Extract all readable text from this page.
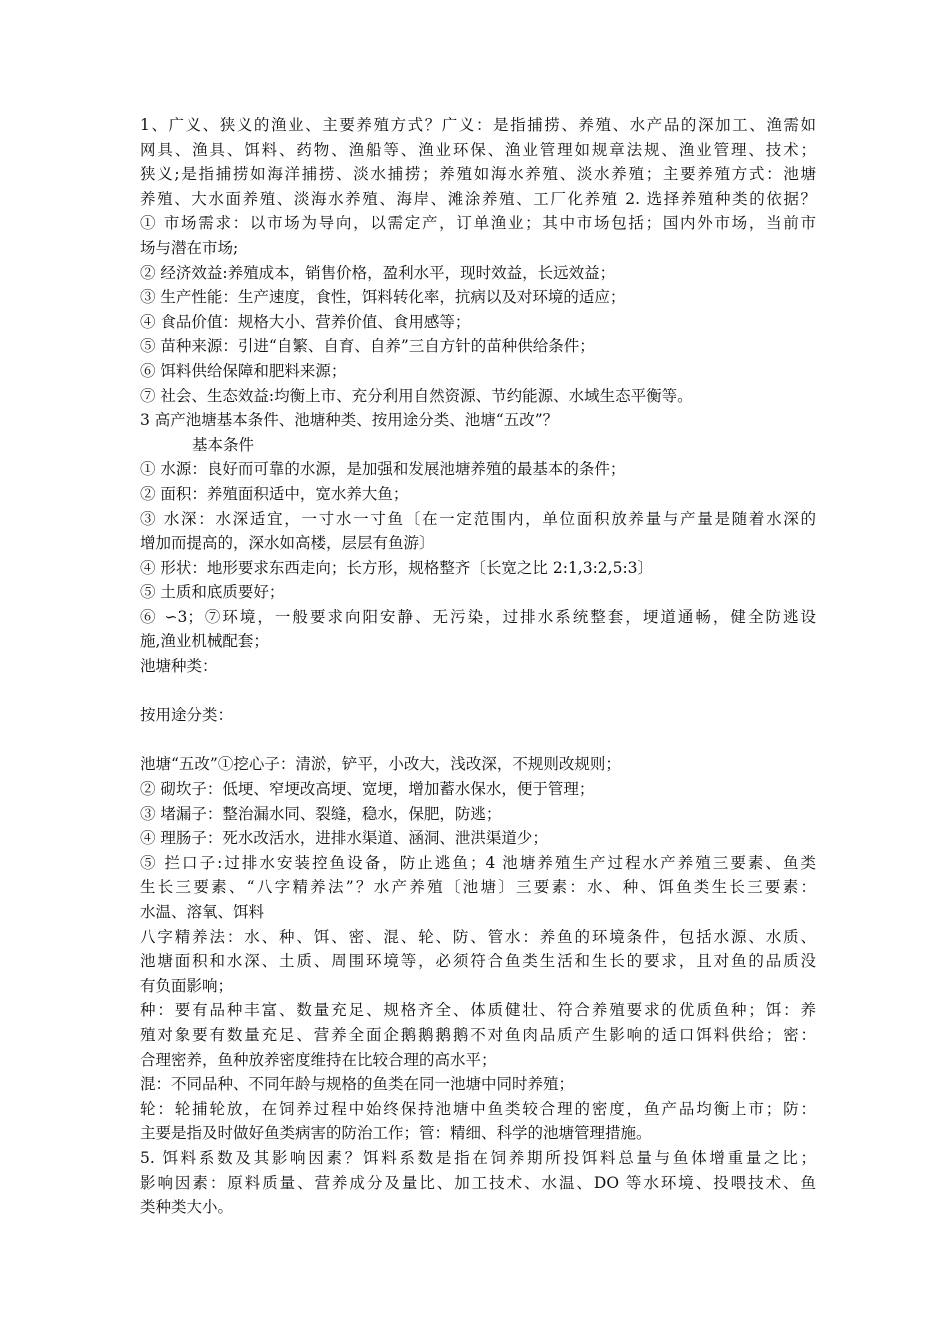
1、广义、狭义的渔业、主要养殖方式？广义：是指捕捞、养殖、水产品的深加工、渔需如
网具、渔具、饵料、药物、渔船等、渔业环保、渔业管理如规章法规、渔业管理、技术；
狭义;是指捕捞如海洋捕捞、淡水捕捞；养殖如海水养殖、淡水养殖；主要养殖方式：池塘
养殖、大水面养殖、淡海水养殖、海岸、滩涂养殖、工厂化养殖 2. 选择养殖种类的依据？
① 市场需求：以市场为导向，以需定产，订单渔业；其中市场包括；国内外市场，当前市
场与潜在市场;
② 经济效益:养殖成本，销售价格，盈利水平，现时效益，长远效益；
③ 生产性能：生产速度，食性，饵料转化率，抗病以及对环境的适应；
④ 食品价值：规格大小、营养价值、食用感等；
⑤ 苗种来源：引进“自繁、自育、自养”三自方针的苗种供给条件；
⑥ 饵料供给保障和肥料来源；
⑦ 社会、生态效益:均衡上市、充分利用自然资源、节约能源、水域生态平衡等。
3 高产池塘基本条件、池塘种类、按用途分类、池塘“五改”？
基本条件
① 水源：良好而可靠的水源，是加强和发展池塘养殖的最基本的条件；
② 面积：养殖面积适中，宽水养大鱼；
③ 水深：水深适宜，一寸水一寸鱼〔在一定范围内，单位面积放养量与产量是随着水深的
增加而提高的，深水如高楼，层层有鱼游〕
④ 形状：地形要求东西走向；长方形，规格整齐〔长宽之比 2:1,3:2,5:3〕
⑤ 土质和底质要好；
⑥ ∽3；⑦环境，一般要求向阳安静、无污染，过排水系统整套，埂道通畅，健全防逃设
施,渔业机械配套；
池塘种类：
按用途分类：
池塘“五改”①挖心子：清淤，铲平，小改大，浅改深，不规则改规则；
② 砌坎子：低埂、窄埂改高埂、宽埂，增加蓄水保水，便于管理；
③ 堵漏子：整治漏水同、裂缝，稳水，保肥，防逃；
④ 理肠子：死水改活水，进排水渠道、涵洞、泄洪渠道少；
⑤ 拦口子:过排水安装控鱼设备，防止逃鱼；4 池塘养殖生产过程水产养殖三要素、鱼类
生长三要素、“八字精养法”？水产养殖〔池塘〕三要素：水、种、饵鱼类生长三要素：
水温、溶氧、饵料
八字精养法：水、种、饵、密、混、轮、防、管水：养鱼的环境条件，包括水源、水质、
池塘面积和水深、土质、周围环境等，必须符合鱼类生活和生长的要求，且对鱼的品质没
有负面影响；
种：要有品种丰富、数量充足、规格齐全、体质健壮、符合养殖要求的优质鱼种；饵：养
殖对象要有数量充足、营养全面企鹅鹅鹅鹅不对鱼肉品质产生影响的适口饵料供给；密：
合理密养，鱼种放养密度维持在比较合理的高水平；
混：不同品种、不同年龄与规格的鱼类在同一池塘中同时养殖；
轮：轮捕轮放，在饲养过程中始终保持池塘中鱼类较合理的密度，鱼产品均衡上市；防：
主要是指及时做好鱼类病害的防治工作；管：精细、科学的池塘管理措施。
5. 饵料系数及其影响因素？饵料系数是指在饲养期所投饵料总量与鱼体增重量之比；
影响因素：原料质量、营养成分及量比、加工技术、水温、DO 等水环境、投喂技术、鱼
类种类大小。
